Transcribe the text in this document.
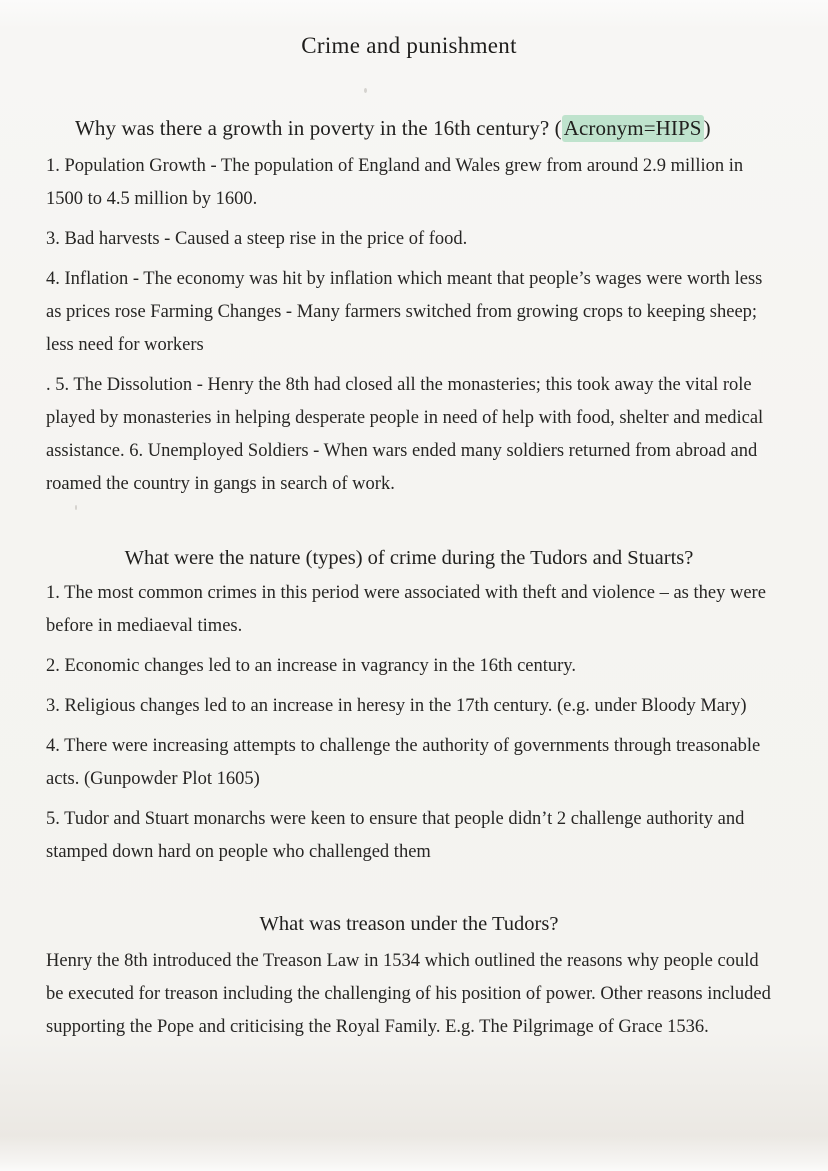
Crime and punishment
Why was there a growth in poverty in the 16th century? (Acronym=HIPS)

1. Population Growth - The population of England and Wales grew from around 2.9 million in 1500 to 4.5 million by 1600.

3. Bad harvests - Caused a steep rise in the price of food.

4. Inflation - The economy was hit by inflation which meant that people’s wages were worth less as prices rose Farming Changes - Many farmers switched from growing crops to keeping sheep; less need for workers

. 5. The Dissolution - Henry the 8th had closed all the monasteries; this took away the vital role played by monasteries in helping desperate people in need of help with food, shelter and medical assistance. 6. Unemployed Soldiers - When wars ended many soldiers returned from abroad and roamed the country in gangs in search of work.

What were the nature (types) of crime during the Tudors and Stuarts?

1. The most common crimes in this period were associated with theft and violence – as they were before in mediaeval times.

2. Economic changes led to an increase in vagrancy in the 16th century.

3. Religious changes led to an increase in heresy in the 17th century. (e.g. under Bloody Mary)

4. There were increasing attempts to challenge the authority of governments through treasonable acts. (Gunpowder Plot 1605)

5. Tudor and Stuart monarchs were keen to ensure that people didn’t 2 challenge authority and stamped down hard on people who challenged them

What was treason under the Tudors?

Henry the 8th introduced the Treason Law in 1534 which outlined the reasons why people could be executed for treason including the challenging of his position of power. Other reasons included supporting the Pope and criticising the Royal Family. E.g. The Pilgrimage of Grace 1536.
